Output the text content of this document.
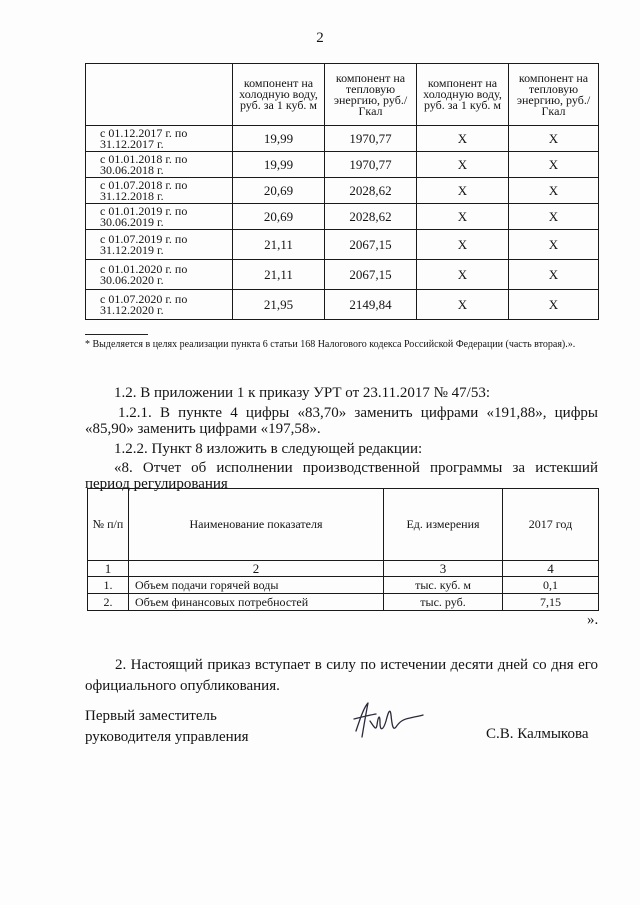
2
	компонент на холодную воду, руб. за 1 куб. м	компонент на тепловую энергию, руб./Гкал	компонент на холодную воду, руб. за 1 куб. м	компонент на тепловую энергию, руб./Гкал
с 01.12.2017 г. по 31.12.2017 г.	19,99	1970,77	X	X
с 01.01.2018 г. по 30.06.2018 г.	19,99	1970,77	X	X
с 01.07.2018 г. по 31.12.2018 г.	20,69	2028,62	X	X
с 01.01.2019 г. по 30.06.2019 г.	20,69	2028,62	X	X
с 01.07.2019 г. по 31.12.2019 г.	21,11	2067,15	X	X
с 01.01.2020 г. по 30.06.2020 г.	21,11	2067,15	X	X
с 01.07.2020 г. по 31.12.2020 г.	21,95	2149,84	X	X
* Выделяется в целях реализации пункта 6 статьи 168 Налогового кодекса Российской Федерации (часть вторая).».
1.2. В приложении 1 к приказу УРТ от 23.11.2017 № 47/53:
1.2.1. В пункте 4 цифры «83,70» заменить цифрами «191,88», цифры «85,90» заменить цифрами «197,58».
1.2.2. Пункт 8 изложить в следующей редакции:
«8. Отчет об исполнении производственной программы за истекший период регулирования
№ п/п	Наименование показателя	Ед. измерения	2017 год
1	2	3	4
1.	Объем подачи горячей воды	тыс. куб. м	0,1
2.	Объем финансовых потребностей	тыс. руб.	7,15
».
2. Настоящий приказ вступает в силу по истечении десяти дней со дня его официального опубликования.
Первый заместитель
руководителя управления	С.В. Калмыкова
